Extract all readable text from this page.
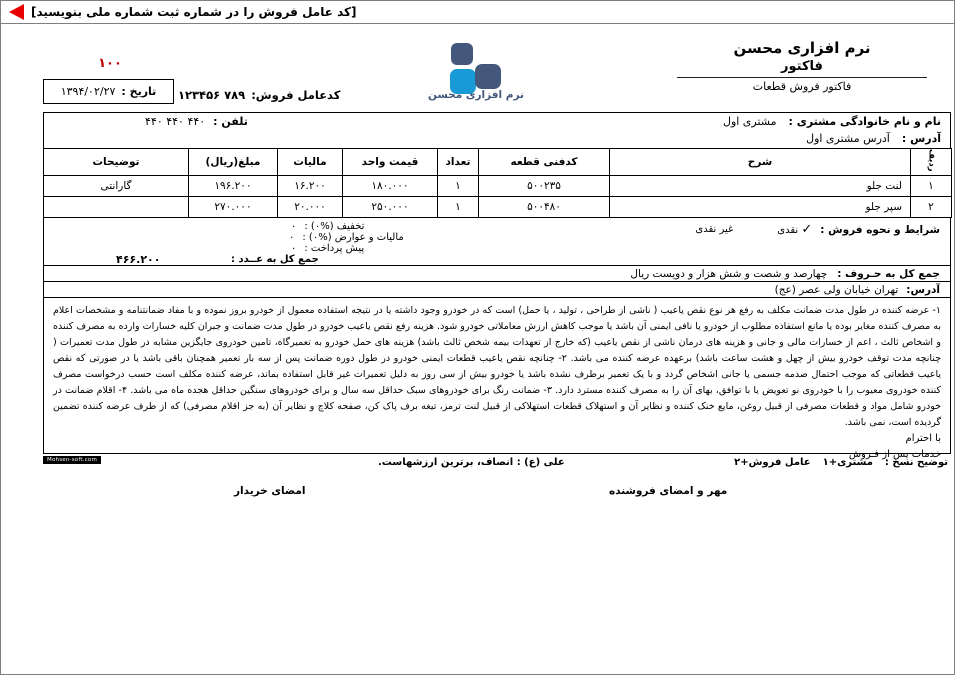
[کد عامل فروش را در شماره ثبت شماره ملی بنویسید]
نرم افزاری محسن
فاکتور
فاکتور فروش قطعات
نرم افزاری محسن
۱۰۰
تاریخ :
۱۳۹۴/۰۲/۲۷	کدعامل فروش:
۱۲۳۴۵۶ ۷۸۹
نام و نام خانوادگی مشتری :
مشتری اول
تلفن :
۴۴۰ ۴۴۰ ۴۴۰
آدرس :
آدرس مشتری اول
ردیف	شرح	کدفنی قطعه	تعداد	قیمت واحد	مالیات	مبلغ(ریال)	توضیحات
۱	لنت جلو	۵۰۰۲۳۵	۱	۱۸۰.۰۰۰	۱۶.۲۰۰	۱۹۶.۲۰۰	گارانتی
۲	سپر جلو	۵۰۰۴۸۰	۱	۲۵۰.۰۰۰	۲۰.۰۰۰	۲۷۰.۰۰۰	
شرایط و نحوه فروش :
✓ نقدی
غیر نقدی
تخفیف (%۰) :
۰
مالیات و عوارض (%۰) :
۰
پیش پرداخت :
۰
جمع کل به عــدد :
۴۶۶.۲۰۰
جمع کل به حـروف :
چهارصد و شصت و شش هزار و دویست ریال
آدرس:
تهران خیابان ولی عصر (عج)

۱- عرضه کننده در طول مدت ضمانت مکلف به رفع هر نوع نقص یاعیب ( ناشی از طراحی ، تولید ، یا حمل) است که در خودرو وجود داشته یا در نتیجه استفاده معمول از خودرو بروز نموده و با مفاد ضمانتنامه و مشخصات اعلام به مصرف کننده مغایر بوده یا مانع استفاده مطلوب از خودرو یا نافی ایمنی آن باشد یا موجب کاهش ارزش معاملاتی خودرو شود. هزینه رفع نقص یاعیب خودرو در طول مدت ضمانت و جبران کلیه خسارات وارده به مصرف کننده و اشخاص ثالث ، اعم از خسارات مالی و جانی و هزینه های درمان ناشی از نقص یاعیب (که خارج از تعهدات بیمه شخص ثالث باشد) هزینه های حمل خودرو به تعمیرگاه، تامین خودروی جایگزین مشابه در طول مدت تعمیرات ( چنانچه مدت توقف خودرو بیش از چهل و هشت ساعت باشد) برعهده عرضه کننده می باشد. ۲- چنانچه نقص یاعیب قطعات ایمنی خودرو در طول دوره ضمانت پس از سه بار تعمیر همچنان باقی باشد یا در صورتی که نقص یاعیب قطعاتی که موجب احتمال صدمه جسمی یا جانی اشخاص گردد و با یک تعمیر برطرف نشده باشد یا خودرو بیش از سی روز به دلیل تعمیرات غیر قابل استفاده بماند، عرضه کننده مکلف است حسب درخواست مصرف کننده خودروی معیوب را با خودروی نو تعویض یا با توافق، بهای آن را به مصرف کننده مسترد دارد. ۳- ضمانت رنگ برای خودروهای سبک حداقل سه سال و برای خودروهای سنگین حداقل هجده ماه می باشد. ۴- اقلام ضمانت در خودرو شامل مواد و قطعات مصرفی از قبیل روغن، مایع خنک کننده و نظایر آن و استهلاک قطعات استهلاکی از قبیل لنت ترمز، تیغه برف پاک کن، صفحه کلاچ و نظایر آن (به جز اقلام مصرفی) که از طرف عرضه کننده تضمین گردیده است، نمی باشد.

با احترام
خدمات پس از فـروش
Mohsen-soft.com	توضیح نسخ :
۱+مشتری
۲+عامل فروش
علی (ع) : انصاف، برترین ارزشهاست.
مهر و امضای فروشنده
امضای خریدار
